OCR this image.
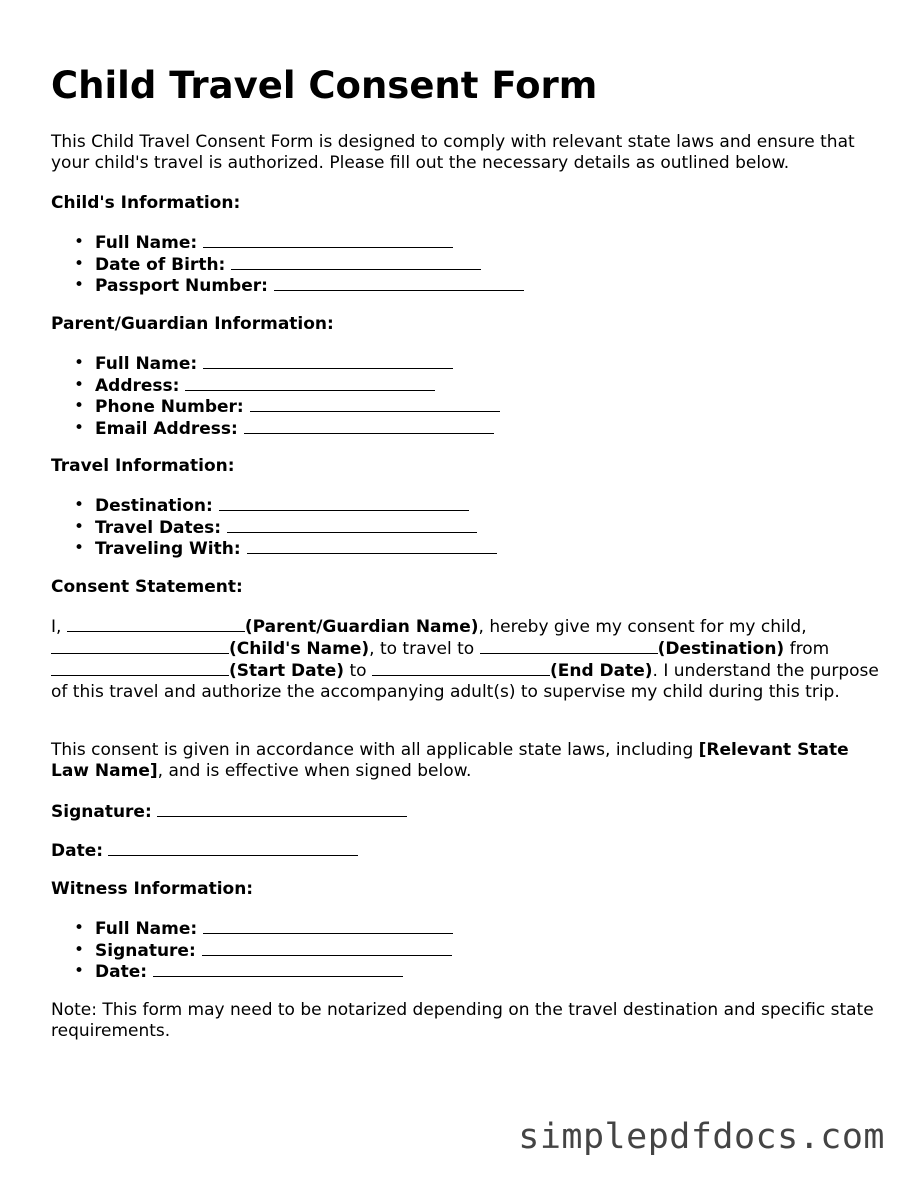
Child Travel Consent Form

This Child Travel Consent Form is designed to comply with relevant state laws and ensure that your child's travel is authorized. Please fill out the necessary details as outlined below.

Child's Information:
• Full Name:
• Date of Birth:
• Passport Number:
Parent/Guardian Information:
• Full Name:
• Address:
• Phone Number:
• Email Address:
Travel Information:
• Destination:
• Travel Dates:
• Traveling With:
Consent Statement:

I,	(Parent/Guardian Name), hereby give my consent for my child, (Child's Name), to travel to	(Destination) from (Start Date) to	(End Date). I understand the purpose of this travel and authorize the accompanying adult(s) to supervise my child during this trip.

This consent is given in accordance with all applicable state laws, including [Relevant State Law Name], and is effective when signed below.

Signature:
Date:
Witness Information:
• Full Name:
• Signature:
• Date:

Note: This form may need to be notarized depending on the travel destination and specific state requirements.

simplepdfdocs.com
